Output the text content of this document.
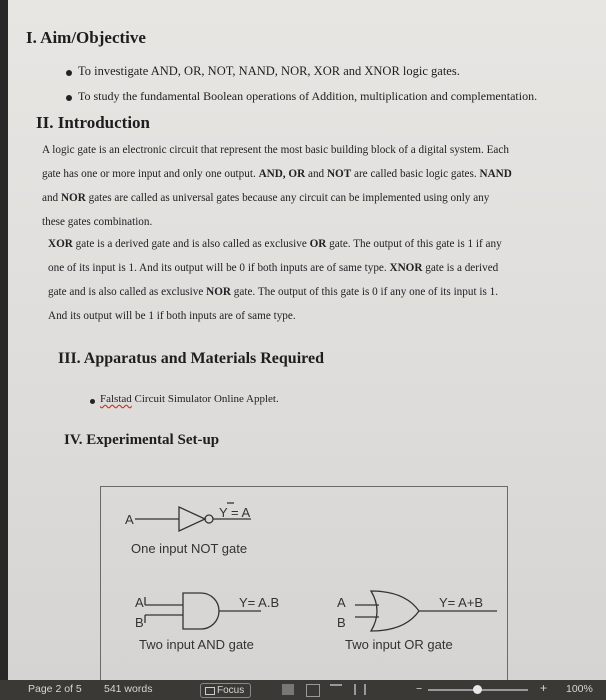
I. Aim/Objective
To investigate AND, OR, NOT, NAND, NOR, XOR and XNOR logic gates.
To study the fundamental Boolean operations of Addition, multiplication and complementation.
II. Introduction
A logic gate is an electronic circuit that represent the most basic building block of a digital system. Each
gate has one or more input and only one output. AND, OR and NOT are called basic logic gates. NAND
and NOR gates are called as universal gates because any circuit can be implemented using only any
these gates combination.
XOR gate is a derived gate and is also called as exclusive OR gate. The output of this gate is 1 if any
one of its input is 1. And its output will be 0 if both inputs are of same type. XNOR gate is a derived
gate and is also called as exclusive NOR gate. The output of this gate is 0 if any one of its input is 1.
And its output will be 1 if both inputs are of same type.
III. Apparatus and Materials Required
Falstad Circuit Simulator Online Applet.
IV. Experimental Set-up
A	Y = A
One input NOT gate
A
B
Y= A.B
Two input AND gate
A
B
Y= A+B
Two input OR gate
Page 2 of 5 541 words	Focus	−	+ 100%
